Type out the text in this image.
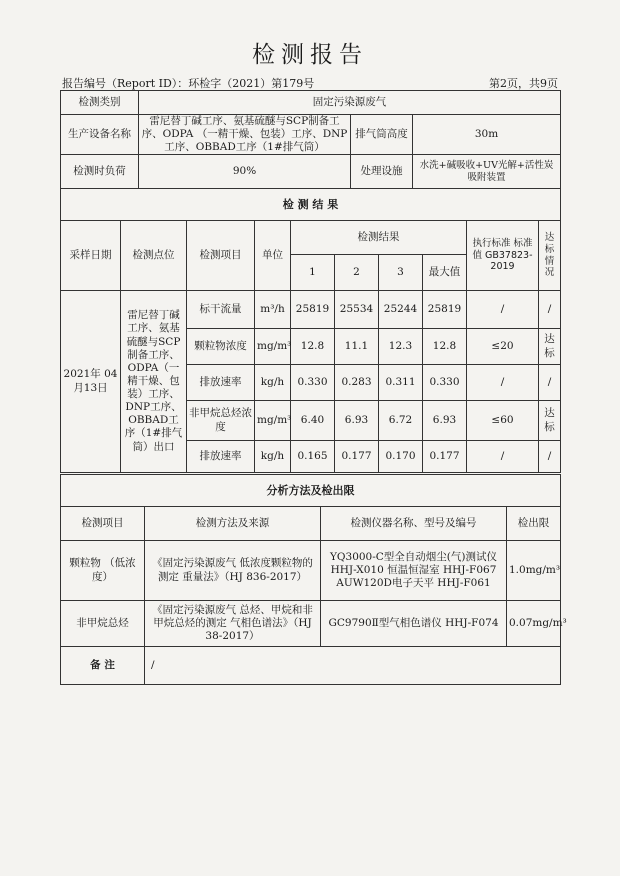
检测报告
报告编号（Report ID）：环检字（2021）第179号	第2页，共9页
检测类别	固定污染源废气		
生产设备名称	雷尼替丁碱工序、氨基硫醚与SCP制备工序、ODPA （一精干燥、包装）工序、DNP工序、OBBAD工序（1#排气筒）	排气筒高度	30m
检测时负荷	90%	处理设施	水洗+碱吸收+UV光解+活性炭吸附装置
检 测 结 果									
采样日期	检测点位	检测项目	单位	检测结果				执行标准 标准值 GB37823-2019	达标情况
				1	2	3	最大值		
2021年 04月13日	雷尼替丁碱工序、氨基硫醚与SCP制备工序、ODPA（一精干燥、包装）工序、DNP工序、OBBAD工序（1#排气筒）出口	标干流量	m³/h	25819	25534	25244	25819	/	/
		颗粒物浓度	mg/m³	12.8	11.1	12.3	12.8	≤20	达标
		排放速率	kg/h	0.330	0.283	0.311	0.330	/	/
		非甲烷总烃浓度	mg/m³	6.40	6.93	6.72	6.93	≤60	达标
		排放速率	kg/h	0.165	0.177	0.170	0.177	/	/
分析方法及检出限			
检测项目	检测方法及来源	检测仪器名称、型号及编号	检出限
颗粒物 （低浓度）	《固定污染源废气 低浓度颗粒物的测定 重量法》（HJ 836-2017）	YQ3000-C型全自动烟尘(气)测试仪 HHJ-X010 恒温恒湿室 HHJ-F067 AUW120D电子天平 HHJ-F061	1.0mg/m³
非甲烷总烃	《固定污染源废气 总烃、甲烷和非甲烷总烃的测定 气相色谱法》（HJ 38-2017）	GC9790Ⅱ型气相色谱仪 HHJ-F074	0.07mg/m³
备 注	/		
